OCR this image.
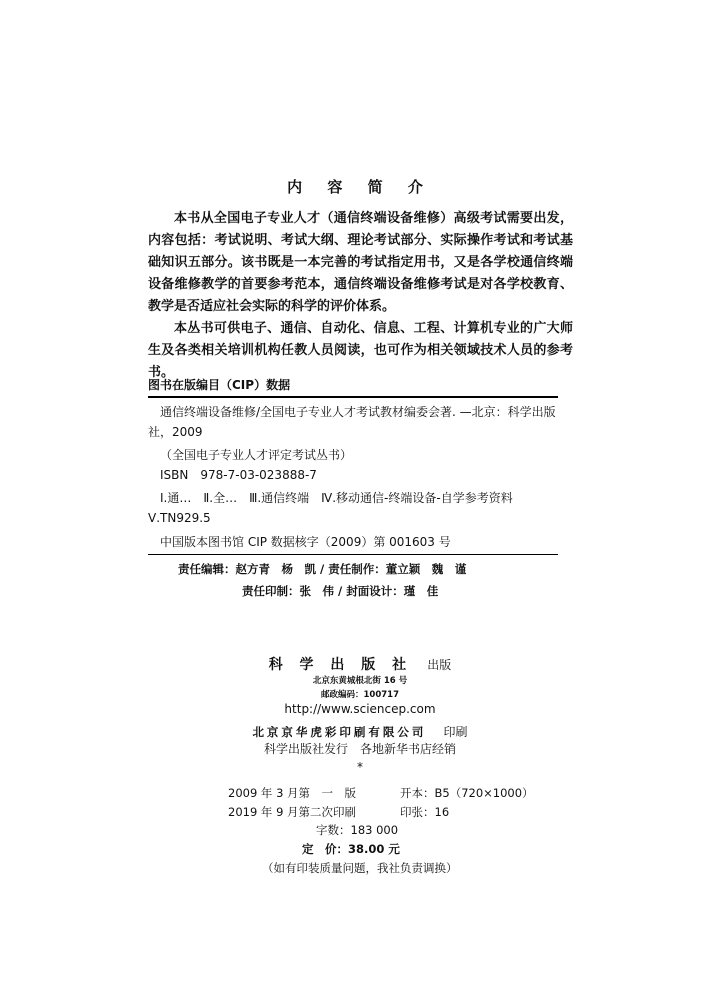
内 容 简 介
本书从全国电子专业人才（通信终端设备维修）高级考试需要出发，内容包括：考试说明、考试大纲、理论考试部分、实际操作考试和考试基础知识五部分。该书既是一本完善的考试指定用书，又是各学校通信终端设备维修教学的首要参考范本，通信终端设备维修考试是对各学校教育、教学是否适应社会实际的科学的评价体系。
本丛书可供电子、通信、自动化、信息、工程、计算机专业的广大师生及各类相关培训机构任教人员阅读，也可作为相关领域技术人员的参考书。
图书在版编目（CIP）数据
通信终端设备维修/全国电子专业人才考试教材编委会著. —北京：科学出版社，2009
（全国电子专业人才评定考试丛书）
ISBN　978-7-03-023888-7
Ⅰ.通…　Ⅱ.全…　Ⅲ.通信终端　Ⅳ.移动通信-终端设备-自学参考资料　Ⅴ.TN929.5
中国版本图书馆 CIP 数据核字（2009）第 001603 号
责任编辑：赵方青　杨　凯 / 责任制作：董立颖　魏　谨
责任印制：张　伟 / 封面设计：瑾　佳
科 学 出 版 社 出版
北京东黄城根北街 16 号
邮政编码：100717
http://www.sciencep.com
北京京华虎彩印刷有限公司 印刷
科学出版社发行　各地新华书店经销
*
2009 年 3 月第　一　版	开本：B5（720×1000）
2019 年 9 月第二次印刷	印张：16
字数：183 000
定　价：38.00 元
（如有印装质量问题，我社负责调换）
